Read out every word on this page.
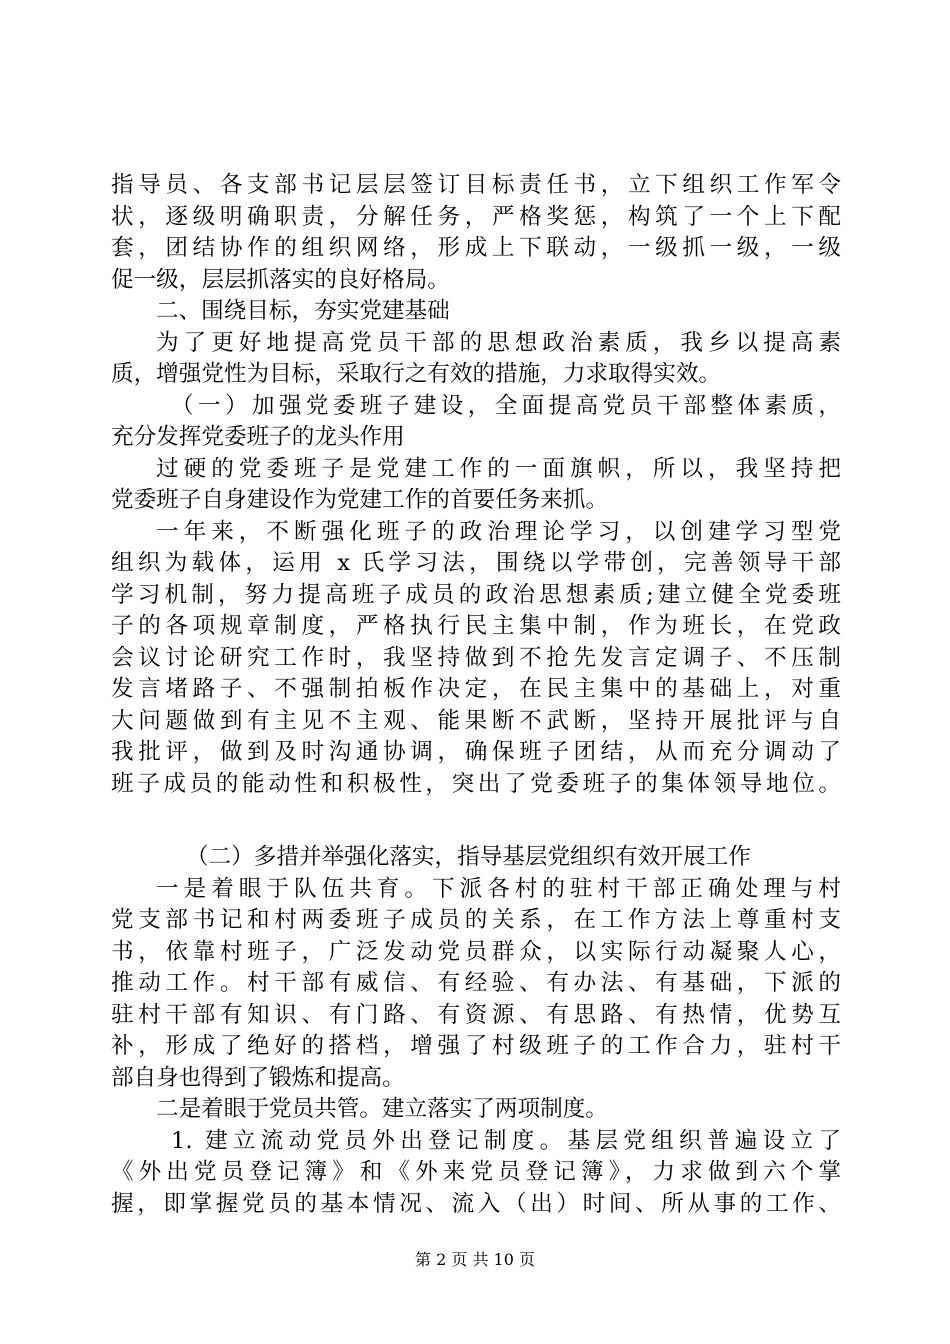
指导员、各支部书记层层签订目标责任书，立下组织工作军令
状，逐级明确职责，分解任务，严格奖惩，构筑了一个上下配
套，团结协作的组织网络，形成上下联动，一级抓一级，一级
促一级，层层抓落实的良好格局。
二、围绕目标，夯实党建基础
为了更好地提高党员干部的思想政治素质，我乡以提高素
质，增强党性为目标，采取行之有效的措施，力求取得实效。
（一）加强党委班子建设，全面提高党员干部整体素质，
充分发挥党委班子的龙头作用
过硬的党委班子是党建工作的一面旗帜，所以，我坚持把
党委班子自身建设作为党建工作的首要任务来抓。
一年来，不断强化班子的政治理论学习，以创建学习型党
组织为载体，运用 x 氏学习法，围绕以学带创，完善领导干部
学习机制，努力提高班子成员的政治思想素质;建立健全党委班
子的各项规章制度，严格执行民主集中制，作为班长，在党政
会议讨论研究工作时，我坚持做到不抢先发言定调子、不压制
发言堵路子、不强制拍板作决定，在民主集中的基础上，对重
大问题做到有主见不主观、能果断不武断，坚持开展批评与自
我批评，做到及时沟通协调，确保班子团结，从而充分调动了
班子成员的能动性和积极性，突出了党委班子的集体领导地位。
（二）多措并举强化落实，指导基层党组织有效开展工作
一是着眼于队伍共育。下派各村的驻村干部正确处理与村
党支部书记和村两委班子成员的关系，在工作方法上尊重村支
书，依靠村班子，广泛发动党员群众，以实际行动凝聚人心，
推动工作。村干部有威信、有经验、有办法、有基础，下派的
驻村干部有知识、有门路、有资源、有思路、有热情，优势互
补，形成了绝好的搭档，增强了村级班子的工作合力，驻村干
部自身也得到了锻炼和提高。
二是着眼于党员共管。建立落实了两项制度。
1. 建立流动党员外出登记制度。基层党组织普遍设立了
《外出党员登记簿》和《外来党员登记簿》，力求做到六个掌
握，即掌握党员的基本情况、流入（出）时间、所从事的工作、
第 2 页 共 10 页
